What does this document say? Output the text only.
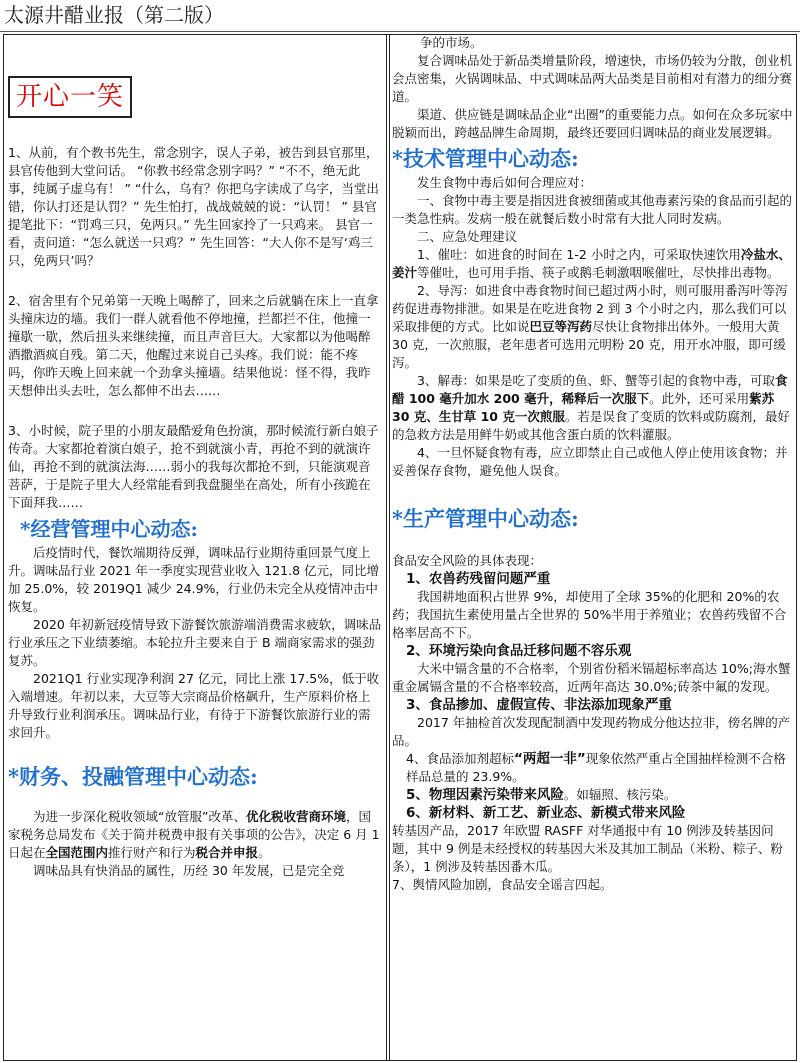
太源井醋业报（第二版）
开心一笑

1、从前，有个教书先生，常念别字，误人子弟，被告到县官那里，县官传他到大堂问话。 “你教书经常念别字吗？” “不不，绝无此事，纯属子虚乌有！ ” “什么，乌有？你把乌字读成了乌字，当堂出错，你认打还是认罚？” 先生怕打，战战兢兢的说：“认罚！ ” 县官提笔批下：“罚鸡三只，免两只。” 先生回家拎了一只鸡来。 县官一看，责问道：“怎么就送一只鸡？” 先生回答：“大人你不是写‘鸡三只，免两只’吗？

2、宿舍里有个兄弟第一天晚上喝醉了，回来之后就躺在床上一直拿头撞床边的墙。我们一群人就看他不停地撞，拦都拦不住，他撞一撞歇一歇，然后扭头来继续撞，而且声音巨大。大家都以为他喝醉酒撒酒疯自残。第二天，他醒过来说自己头疼。我们说：能不疼吗，你昨天晚上回来就一个劲拿头撞墙。结果他说：怪不得，我昨天想伸出头去吐，怎么都伸不出去……

3、小时候，院子里的小朋友最酷爱角色扮演，那时候流行新白娘子传奇。大家都抢着演白娘子，抢不到就演小青，再抢不到的就演许仙，再抢不到的就演法海……弱小的我每次都抢不到，只能演观音菩萨，于是院子里大人经常能看到我盘腿坐在高处，所有小孩跪在下面拜我……

*经营管理中心动态:

后疫情时代，餐饮端期待反弹，调味品行业期待重回景气度上升。调味品行业 2021 年一季度实现营业收入 121.8 亿元，同比增加 25.0%，较 2019Q1 减少 24.9%，行业仍未完全从疫情冲击中恢复。

2020 年初新冠疫情导致下游餐饮旅游端消费需求疲软，调味品行业承压之下业绩萎缩。本轮拉升主要来自于 B 端商家需求的强劲复苏。

2021Q1 行业实现净利润 27 亿元，同比上涨 17.5%，低于收入端增速。年初以来，大豆等大宗商品价格飙升，生产原料价格上升导致行业利润承压。调味品行业，有待于下游餐饮旅游行业的需求回升。

*财务、投融管理中心动态:

为进一步深化税收领域“放管服”改革、优化税收营商环境，国家税务总局发布《关于简并税费申报有关事项的公告》，决定 6 月 1 日起在全国范围内推行财产和行为税合并申报。

调味品具有快消品的属性，历经 30 年发展，已是完全竞

争的市场。

复合调味品处于新品类增量阶段，增速快，市场仍较为分散，创业机会点密集，火锅调味品、中式调味品两大品类是目前相对有潜力的细分赛道。

渠道、供应链是调味品企业“出圈”的重要能力点。如何在众多玩家中脱颖而出，跨越品牌生命周期，最终还要回归调味品的商业发展逻辑。

*技术管理中心动态:

发生食物中毒后如何合理应对：

一、食物中毒主要是指因进食被细菌或其他毒素污染的食品而引起的一类急性病。发病一般在就餐后数小时常有大批人同时发病。

二、应急处理建议

1、催吐：如进食的时间在 1-2 小时之内，可采取快速饮用冷盐水、姜汁等催吐，也可用手指、筷子或鹅毛刺激咽喉催吐，尽快排出毒物。

2、导泻：如进食中毒食物时间已超过两小时，则可服用番泻叶等泻药促进毒物排泄。如果是在吃进食物 2 到 3 个小时之内，那么我们可以采取排便的方式。比如说巴豆等泻药尽快让食物排出体外。一般用大黄 30 克，一次煎服，老年患者可选用元明粉 20 克，用开水冲服，即可缓泻。

3、解毒：如果是吃了变质的鱼、虾、蟹等引起的食物中毒，可取食醋 100 毫升加水 200 毫升，稀释后一次服下。此外，还可采用紫苏 30 克、生甘草 10 克一次煎服。若是误食了变质的饮料或防腐剂，最好的急救方法是用鲜牛奶或其他含蛋白质的饮料灌服。

4、一旦怀疑食物有毒，应立即禁止自己或他人停止使用该食物；并妥善保存食物，避免他人误食。

*生产管理中心动态:

食品安全风险的具体表现：

1、农兽药残留问题严重

我国耕地面积占世界 9%，却使用了全球 35%的化肥和 20%的农药；我国抗生素使用量占全世界的 50%半用于养殖业；农兽药残留不合格率居高不下。

2、环境污染向食品迁移问题不容乐观

大米中镉含量的不合格率，个别省份稻米镉超标率高达 10%;海水蟹重金属镉含量的不合格率较高，近两年高达 30.0%;砖茶中氟的发现。

3、食品掺加、虚假宣传、非法添加现象严重

2017 年抽检首次发现配制酒中发现药物成分他达拉非，傍名牌的产品。

4、食品添加剂超标“两超一非”现象依然严重占全国抽样检测不合格样品总量的 23.9%。

5、物理因素污染带来风险。如辐照、核污染。

6、新材料、新工艺、新业态、新模式带来风险

转基因产品，2017 年欧盟 RASFF 对华通报中有 10 例涉及转基因问题，其中 9 例是未经授权的转基因大米及其加工制品（米粉、粽子、粉条），1 例涉及转基因番木瓜。

7、舆情风险加剧，食品安全谣言四起。
